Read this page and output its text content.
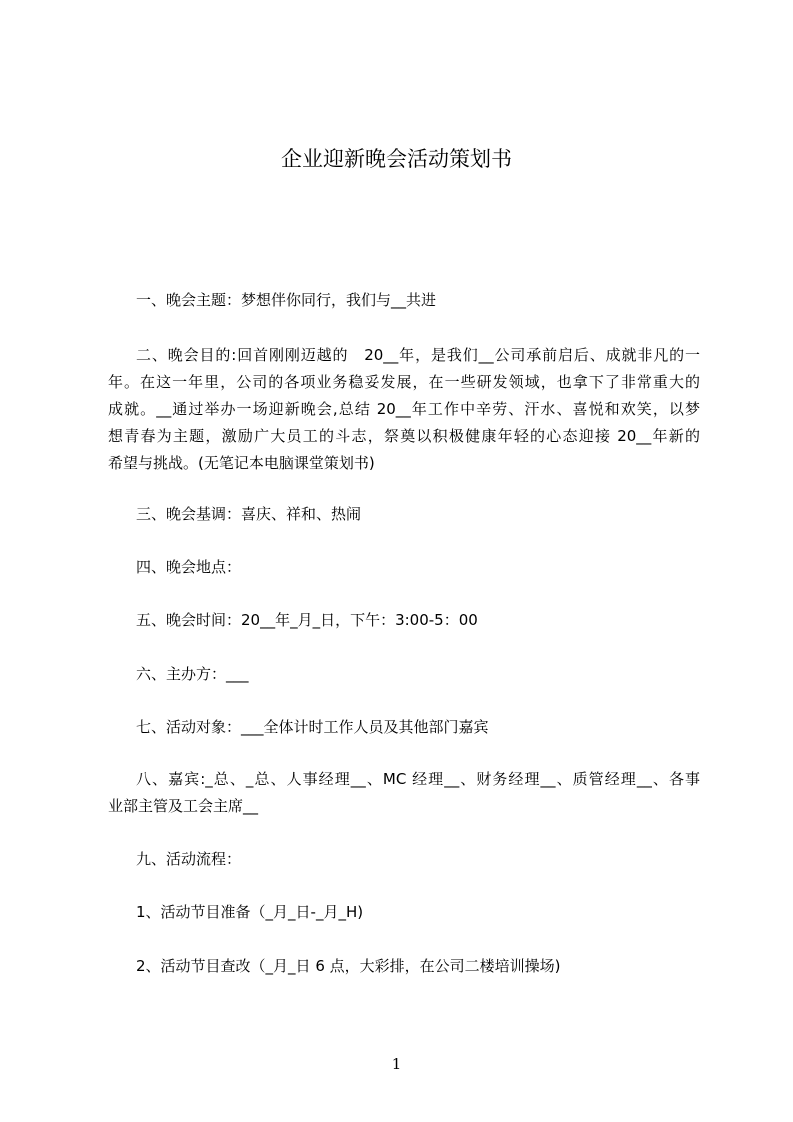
企业迎新晚会活动策划书
一、晚会主题：梦想伴你同行，我们与__共进
二、晚会目的:回首刚刚迈越的　20__年，是我们__公司承前启后、成就非凡的一
年。在这一年里，公司的各项业务稳妥发展，在一些研发领域，也拿下了非常重大的
成就。__通过举办一场迎新晚会,总结 20__年工作中辛劳、汗水、喜悦和欢笑，以梦
想青春为主题，激励广大员工的斗志，祭奠以积极健康年轻的心态迎接 20__年新的
希望与挑战。(无笔记本电脑课堂策划书)
三、晚会基调：喜庆、祥和、热闹
四、晚会地点：
五、晚会时间：20__年_月_日，下午：3:00-5：00
六、主办方：___
七、活动对象：___全体计时工作人员及其他部门嘉宾
八、嘉宾:_总、_总、人事经理__、MC 经理__、财务经理__、质管经理__、各事
业部主管及工会主席__
九、活动流程：
1、活动节目准备（_月_日-_月_H)
2、活动节目查改（_月_日 6 点，大彩排，在公司二楼培训操场)
1
